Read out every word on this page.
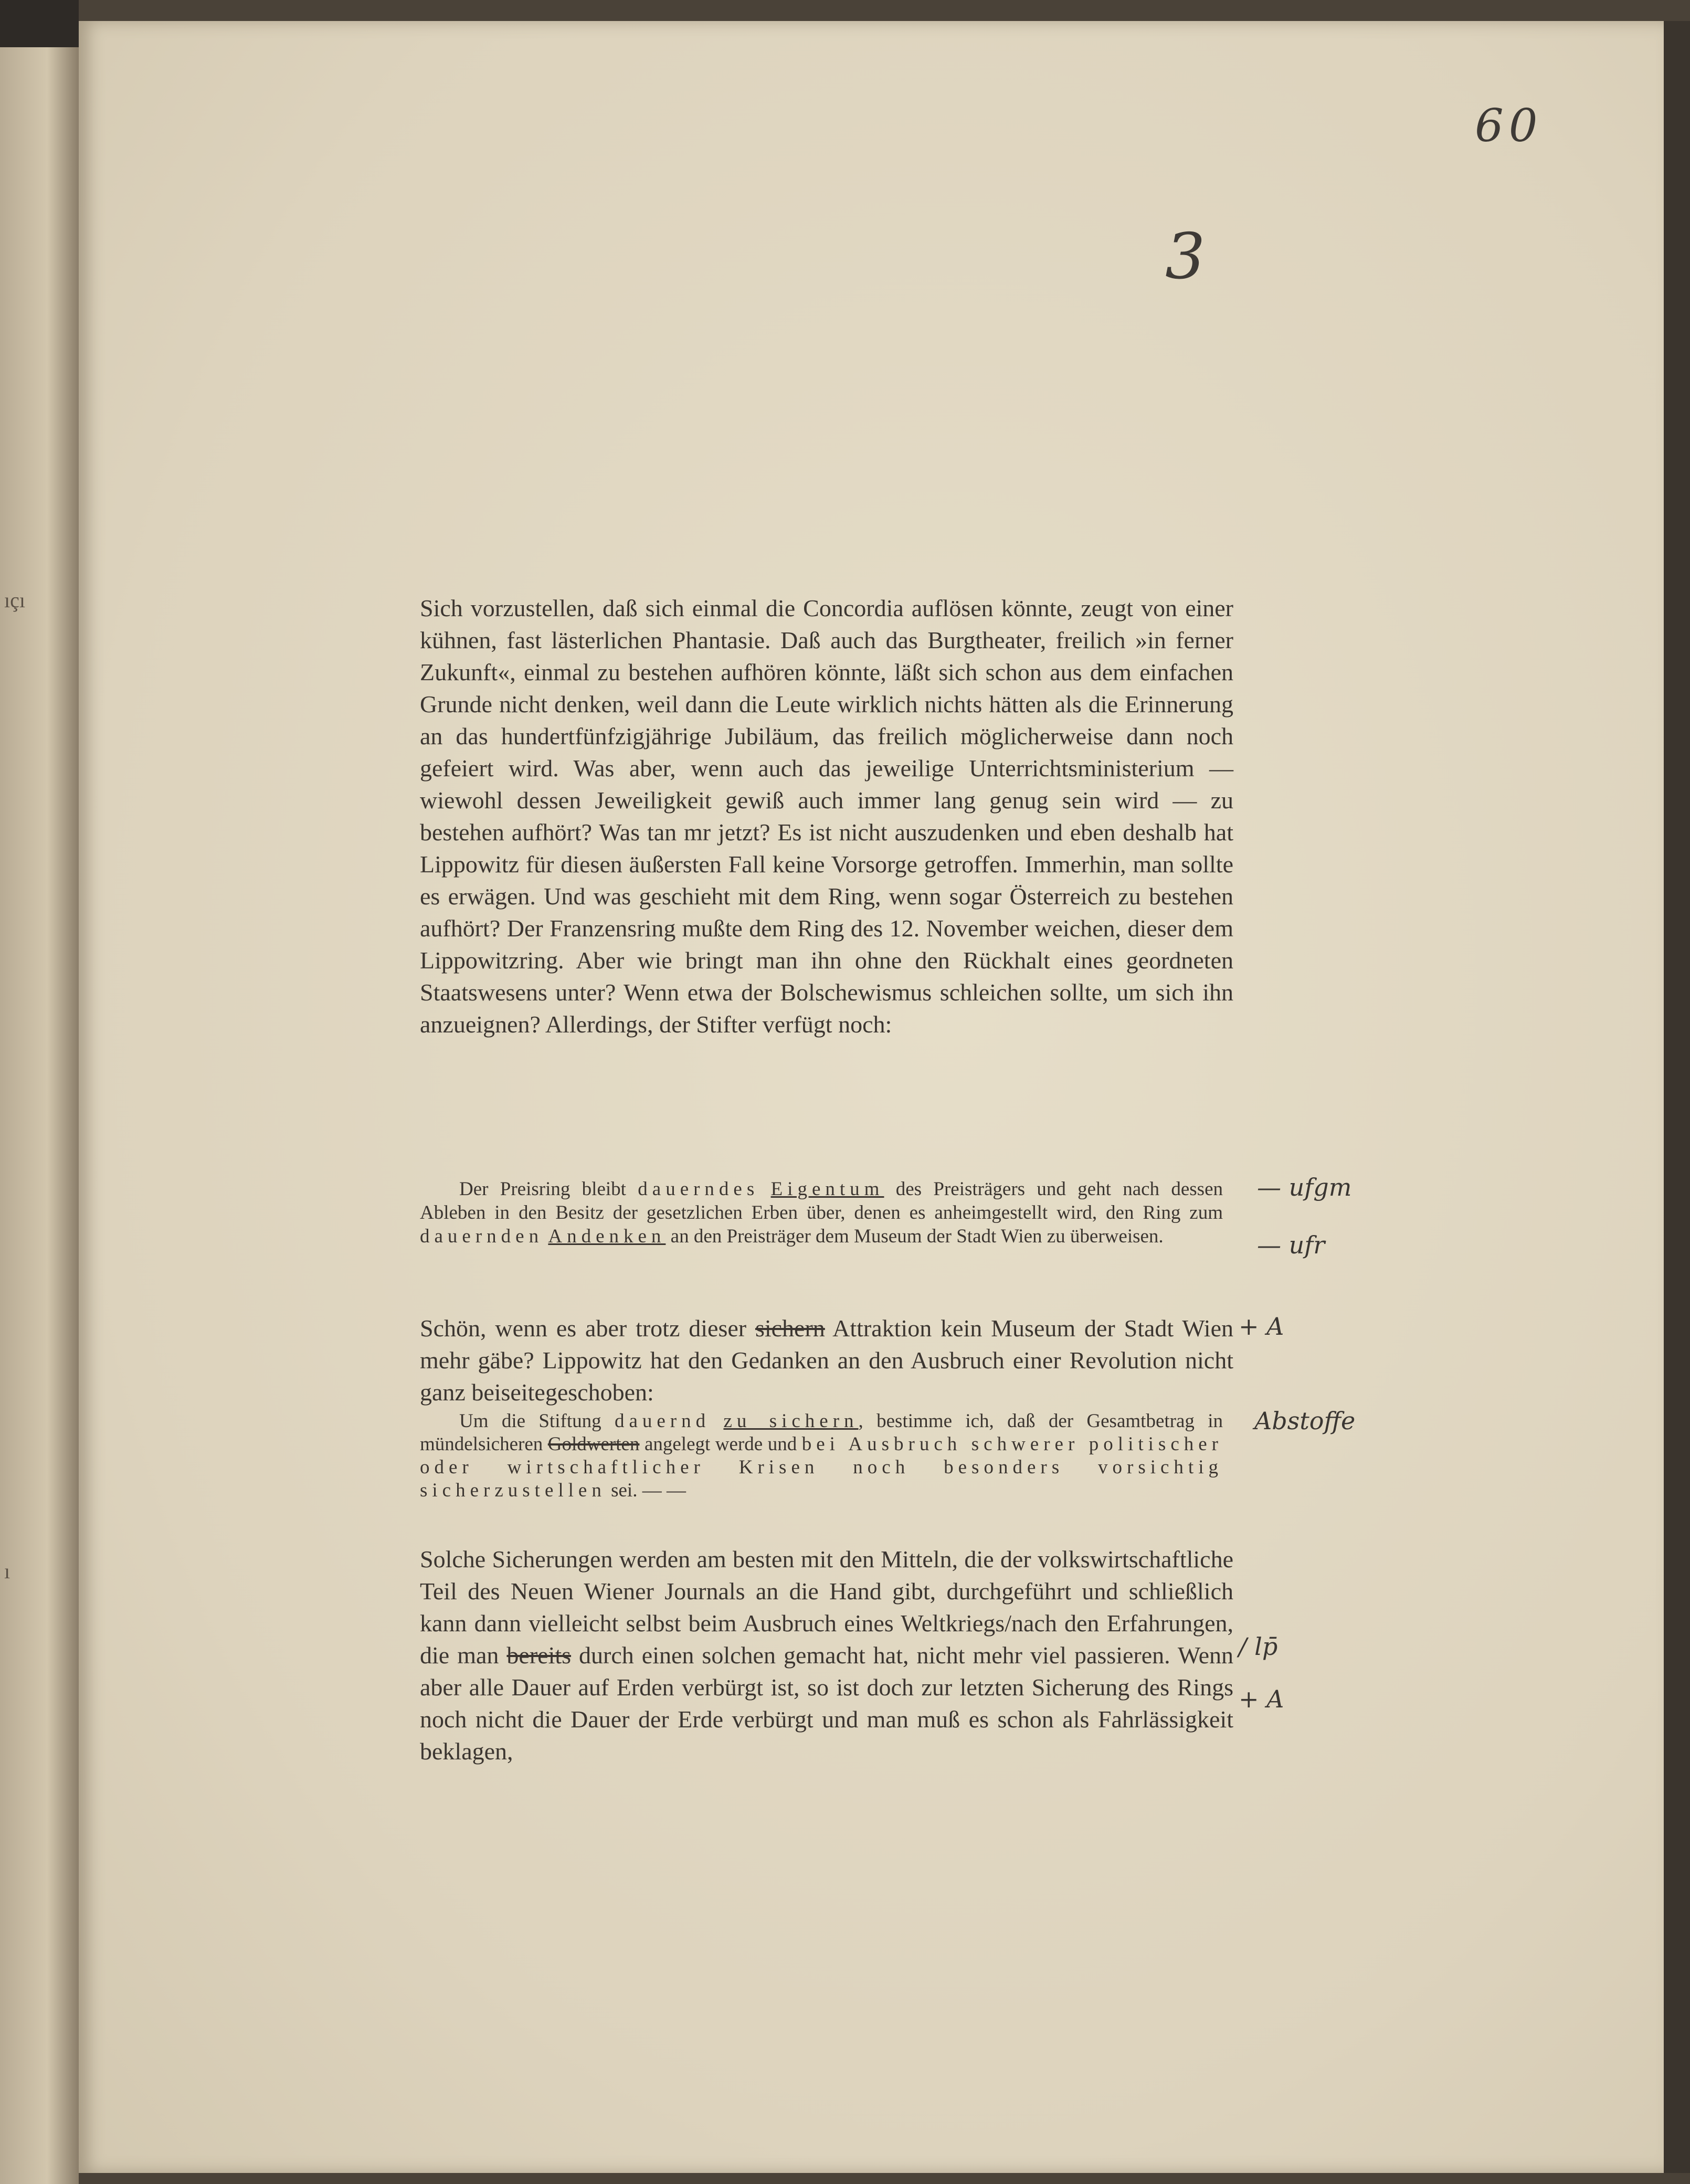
ıçı
ı
60
3

Sich vorzustellen, daß sich einmal die Concordia auflösen könnte, zeugt von einer kühnen, fast lästerlichen Phantasie. Daß auch das Burgtheater, freilich »in ferner Zukunft«, einmal zu bestehen aufhören könnte, läßt sich schon aus dem einfachen Grunde nicht denken, weil dann die Leute wirklich nichts hätten als die Erinnerung an das hundertfünfzigjährige Jubiläum, das freilich möglicherweise dann noch gefeiert wird. Was aber, wenn auch das jeweilige Unterrichtsministerium — wiewohl dessen Jeweiligkeit gewiß auch immer lang genug sein wird — zu bestehen aufhört? Was tan mr jetzt? Es ist nicht auszudenken und eben deshalb hat Lippowitz für diesen äußersten Fall keine Vorsorge getroffen. Immerhin, man sollte es erwägen. Und was geschieht mit dem Ring, wenn sogar Österreich zu bestehen aufhört? Der Franzensring mußte dem Ring des 12. November weichen, dieser dem Lippowitzring. Aber wie bringt man ihn ohne den Rückhalt eines geordneten Staatswesens unter? Wenn etwa der Bolschewismus schleichen sollte, um sich ihn anzueignen? Allerdings, der Stifter verfügt noch:

Der Preisring bleibt dauerndes Eigentum des Preisträgers und geht nach dessen Ableben in den Besitz der gesetzlichen Erben über, denen es anheimgestellt wird, den Ring zum dauernden Andenken an den Preisträger dem Museum der Stadt Wien zu überweisen.

Schön, wenn es aber trotz dieser sichern Attraktion kein Museum der Stadt Wien mehr gäbe? Lippowitz hat den Gedanken an den Ausbruch einer Revolution nicht ganz beiseitegeschoben:

Um die Stiftung dauernd zu sichern, bestimme ich, daß der Gesamtbetrag in mündelsicheren Goldwerten angelegt werde und bei Ausbruch schwerer politischer oder wirtschaftlicher Krisen noch besonders vorsichtig sicherzustellen sei. — —

Solche Sicherungen werden am besten mit den Mitteln, die der volkswirtschaftliche Teil des Neuen Wiener Journals an die Hand gibt, durchgeführt und schließlich kann dann vielleicht selbst beim Ausbruch eines Weltkriegs/nach den Erfahrungen, die man bereits durch einen solchen gemacht hat, nicht mehr viel passieren. Wenn aber alle Dauer auf Erden verbürgt ist, so ist doch zur letzten Sicherung des Rings noch nicht die Dauer der Erde verbürgt und man muß es schon als Fahrlässigkeit beklagen,

— ufgm
— ufr
+ A
Abstoffe
/ lp̄
+ A
